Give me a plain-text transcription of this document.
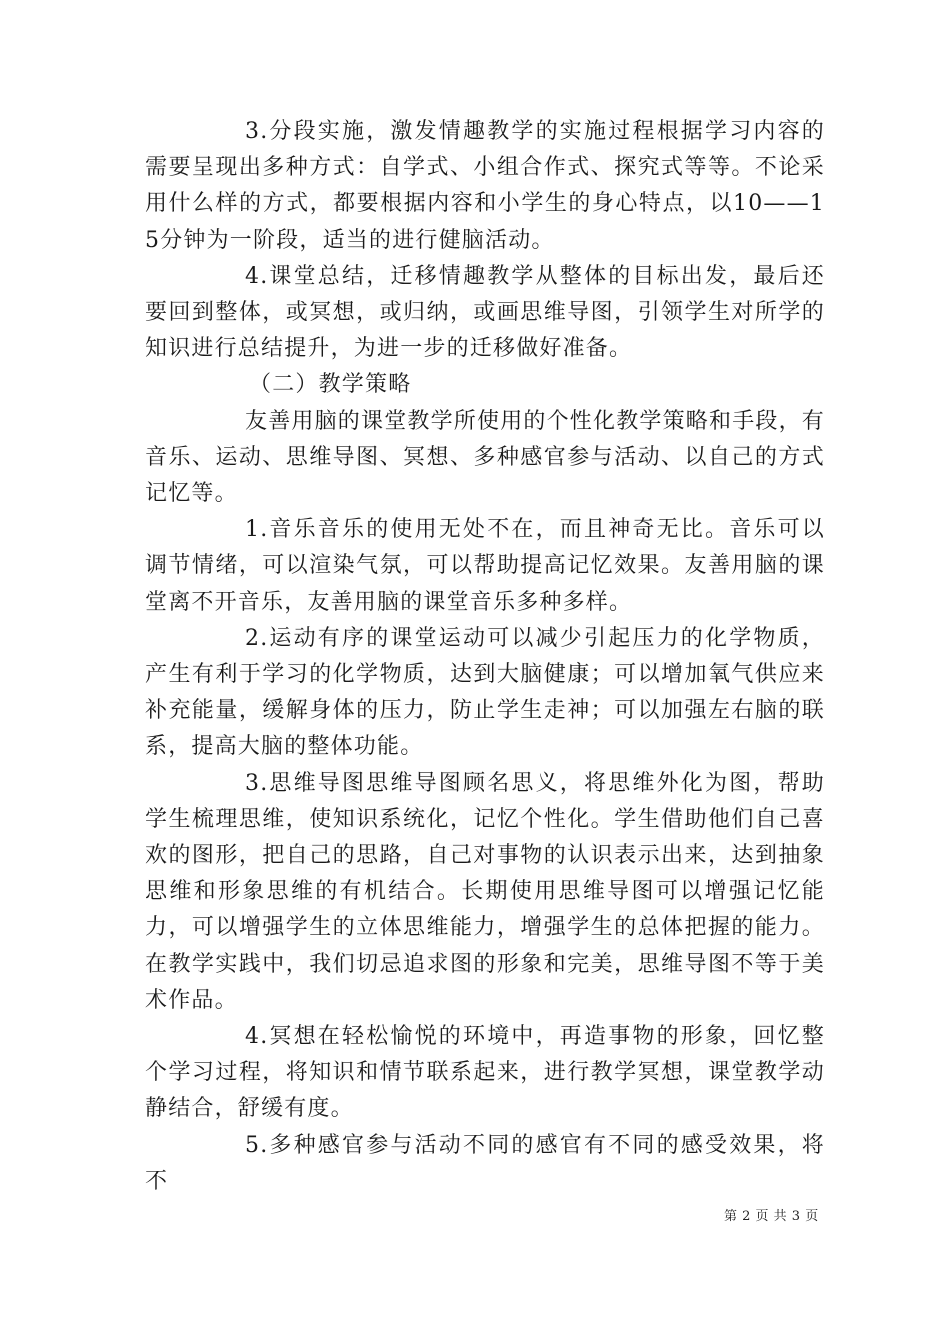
3.分段实施，激发情趣教学的实施过程根据学习内容的需要呈现出多种方式：自学式、小组合作式、探究式等等。不论采用什么样的方式，都要根据内容和小学生的身心特点，以10——15分钟为一阶段，适当的进行健脑活动。

4.课堂总结，迁移情趣教学从整体的目标出发，最后还要回到整体，或冥想，或归纳，或画思维导图，引领学生对所学的知识进行总结提升，为进一步的迁移做好准备。

（二）教学策略

友善用脑的课堂教学所使用的个性化教学策略和手段，有音乐、运动、思维导图、冥想、多种感官参与活动、以自己的方式记忆等。

1.音乐音乐的使用无处不在，而且神奇无比。音乐可以调节情绪，可以渲染气氛，可以帮助提高记忆效果。友善用脑的课堂离不开音乐，友善用脑的课堂音乐多种多样。

2.运动有序的课堂运动可以减少引起压力的化学物质，产生有利于学习的化学物质，达到大脑健康；可以增加氧气供应来补充能量，缓解身体的压力，防止学生走神；可以加强左右脑的联系，提高大脑的整体功能。

3.思维导图思维导图顾名思义，将思维外化为图，帮助学生梳理思维，使知识系统化，记忆个性化。学生借助他们自己喜欢的图形，把自己的思路，自己对事物的认识表示出来，达到抽象思维和形象思维的有机结合。长期使用思维导图可以增强记忆能力，可以增强学生的立体思维能力，增强学生的总体把握的能力。在教学实践中，我们切忌追求图的形象和完美，思维导图不等于美术作品。

4.冥想在轻松愉悦的环境中，再造事物的形象，回忆整个学习过程，将知识和情节联系起来，进行教学冥想，课堂教学动静结合，舒缓有度。

5.多种感官参与活动不同的感官有不同的感受效果，将不

第 2 页 共 3 页
